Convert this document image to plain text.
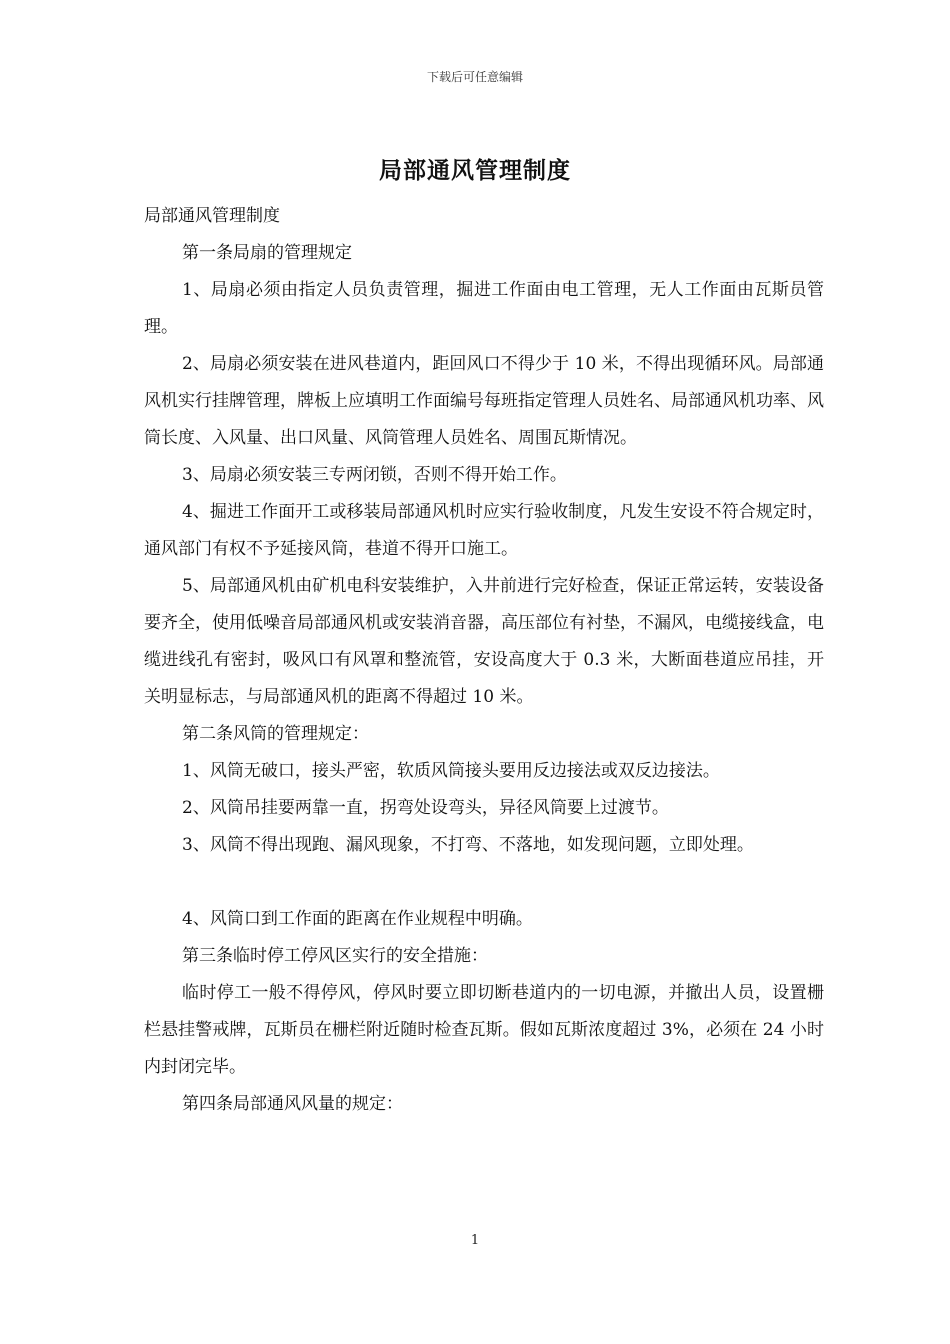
下载后可任意编辑
局部通风管理制度

局部通风管理制度

第一条局扇的管理规定

1、局扇必须由指定人员负责管理，掘进工作面由电工管理，无人工作面由瓦斯员管理。

2、局扇必须安装在进风巷道内，距回风口不得少于 10 米，不得出现循环风。局部通风机实行挂牌管理，牌板上应填明工作面编号每班指定管理人员姓名、局部通风机功率、风筒长度、入风量、出口风量、风筒管理人员姓名、周围瓦斯情况。

3、局扇必须安装三专两闭锁，否则不得开始工作。

4、掘进工作面开工或移装局部通风机时应实行验收制度，凡发生安设不符合规定时，通风部门有权不予延接风筒，巷道不得开口施工。

5、局部通风机由矿机电科安装维护，入井前进行完好检查，保证正常运转，安装设备要齐全，使用低噪音局部通风机或安装消音器，高压部位有衬垫，不漏风，电缆接线盒，电缆进线孔有密封，吸风口有风罩和整流管，安设高度大于 0.3 米，大断面巷道应吊挂，开关明显标志，与局部通风机的距离不得超过 10 米。

第二条风筒的管理规定：

1、风筒无破口，接头严密，软质风筒接头要用反边接法或双反边接法。

2、风筒吊挂要两靠一直，拐弯处设弯头，异径风筒要上过渡节。

3、风筒不得出现跑、漏风现象，不打弯、不落地，如发现问题，立即处理。

4、风筒口到工作面的距离在作业规程中明确。

第三条临时停工停风区实行的安全措施：

临时停工一般不得停风，停风时要立即切断巷道内的一切电源，并撤出人员，设置栅栏悬挂警戒牌，瓦斯员在栅栏附近随时检查瓦斯。假如瓦斯浓度超过 3%，必须在 24 小时内封闭完毕。

第四条局部通风风量的规定：

1
